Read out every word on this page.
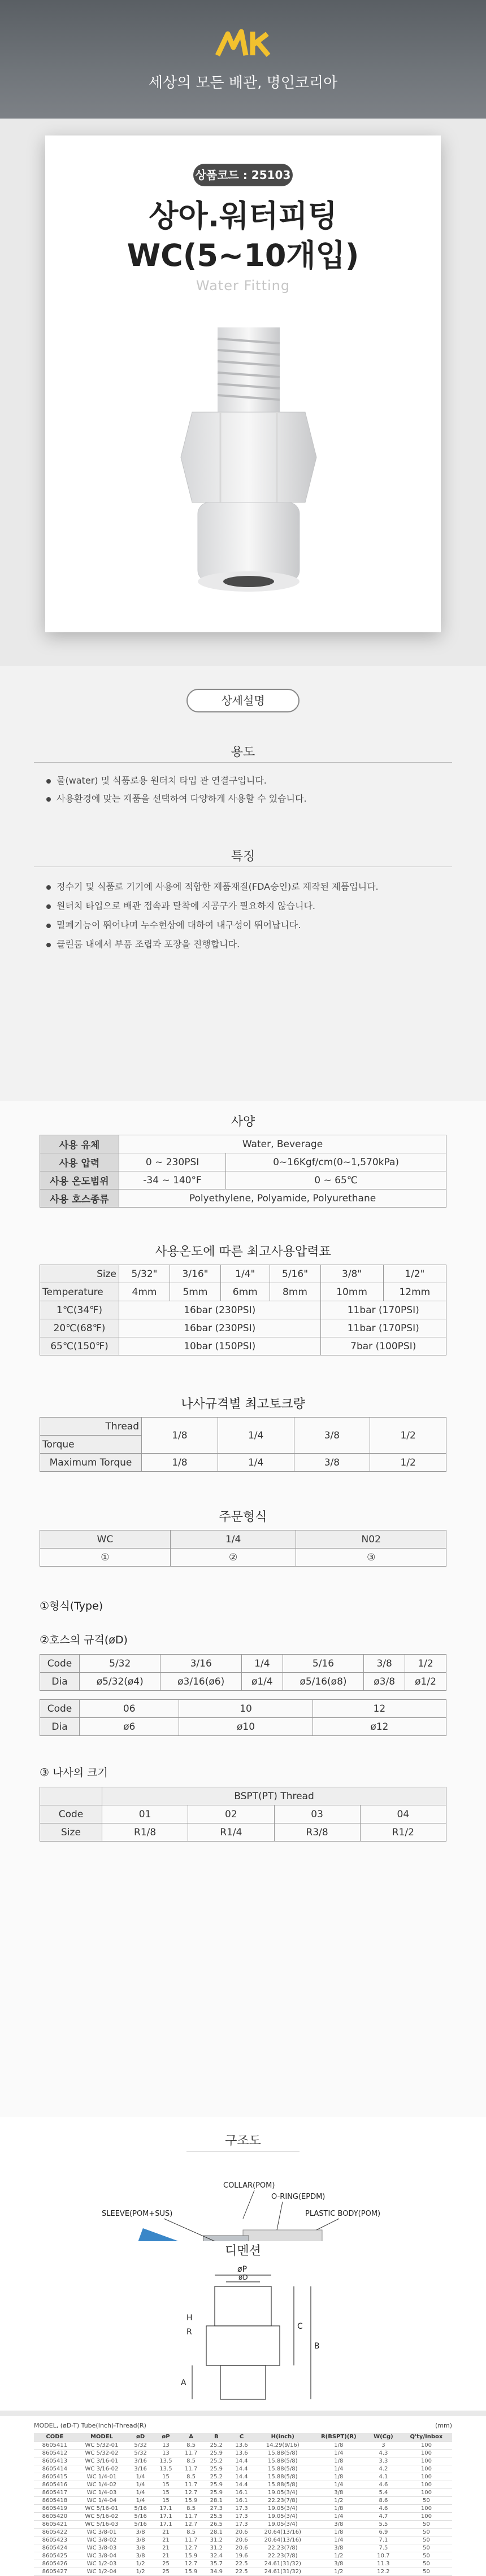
세상의 모든 배관, 명인코리아
상품코드 : 25103
상아.워터피팅
WC(5~10개입)
Water Fitting
상세설명
용도
물(water) 및 식품로용 원터치 타입 관 연결구입니다.
사용환경에 맞는 제품을 선택하여 다양하게 사용할 수 있습니다.
특징
정수기 및 식품로 기기에 사용에 적합한 제품재질(FDA승인)로 제작된 제품입니다.
원터치 타입으로 배관 접속과 탈착에 지공구가 필요하지 않습니다.
밀폐기능이 뛰어나며 누수현상에 대하여 내구성이 뛰어납니다.
클린룸 내에서 부품 조립과 포장을 진행합니다.
사양
사용 유체	Water, Beverage	
사용 압력	0 ~ 230PSI	0~16Kgf/cm(0~1,570kPa)
사용 온도범위	-34 ~ 140°F	0 ~ 65℃
사용 호스종류	Polyethylene, Polyamide, Polyurethane	
사용온도에 따른 최고사용압력표
Size	5/32"	3/16"	1/4"	5/16"	3/8"	1/2"
Temperature	4mm	5mm	6mm	8mm	10mm	12mm
1℃(34℉)	16bar (230PSI)				11bar (170PSI)	
20℃(68℉)	16bar (230PSI)				11bar (170PSI)	
65℃(150℉)	10bar (150PSI)				7bar (100PSI)	
나사규격별 최고토크량
Thread	1/8	1/4	3/8	1/2
Torque				
Maximum Torque	1/8	1/4	3/8	1/2
주문형식
WC	1/4	N02
①	②	③
①형식(Type)
②호스의 규격(øD)
Code	5/32	3/16	1/4	5/16	3/8	1/2
Dia	ø5/32(ø4)	ø3/16(ø6)	ø1/4	ø5/16(ø8)	ø3/8	ø1/2
Code	06	10	12
Dia	ø6	ø10	ø12
③ 나사의 크기
	BSPT(PT) Thread			
Code	01	02	03	04
Size	R1/8	R1/4	R3/8	R1/2
구조도
COLLAR(POM)
O-RING(EPDM)
SLEEVE(POM+SUS)	PLASTIC BODY(POM)
디멘션
øP
øD
H
R
A
C
B
MODEL, (øD-T) Tube(Inch)-Thread(R)	(mm)
CODE	MODEL	øD	øP	A	B	C	H(inch)	R(BSPT)(R)	W(Cg)	Q'ty/Inbox
8605411	WC 5/32-01	5/32	13	8.5	25.2	13.6	14.29(9/16)	1/8	3	100
8605412	WC 5/32-02	5/32	13	11.7	25.9	13.6	15.88(5/8)	1/4	4.3	100
8605413	WC 3/16-01	3/16	13.5	8.5	25.2	14.4	15.88(5/8)	1/8	3.3	100
8605414	WC 3/16-02	3/16	13.5	11.7	25.9	14.4	15.88(5/8)	1/4	4.2	100
8605415	WC 1/4-01	1/4	15	8.5	25.2	14.4	15.88(5/8)	1/8	4.1	100
8605416	WC 1/4-02	1/4	15	11.7	25.9	14.4	15.88(5/8)	1/4	4.6	100
8605417	WC 1/4-03	1/4	15	12.7	25.9	16.1	19.05(3/4)	3/8	5.4	100
8605418	WC 1/4-04	1/4	15	15.9	28.1	16.1	22.23(7/8)	1/2	8.6	50
8605419	WC 5/16-01	5/16	17.1	8.5	27.3	17.3	19.05(3/4)	1/8	4.6	100
8605420	WC 5/16-02	5/16	17.1	11.7	25.5	17.3	19.05(3/4)	1/4	4.7	100
8605421	WC 5/16-03	5/16	17.1	12.7	26.5	17.3	19.05(3/4)	3/8	5.5	50
8605422	WC 3/8-01	3/8	21	8.5	28.1	20.6	20.64(13/16)	1/8	6.9	50
8605423	WC 3/8-02	3/8	21	11.7	31.2	20.6	20.64(13/16)	1/4	7.1	50
8605424	WC 3/8-03	3/8	21	12.7	31.2	20.6	22.23(7/8)	3/8	7.5	50
8605425	WC 3/8-04	3/8	21	15.9	32.4	19.6	22.23(7/8)	1/2	10.7	50
8605426	WC 1/2-03	1/2	25	12.7	35.7	22.5	24.61(31/32)	3/8	11.3	50
8605427	WC 1/2-04	1/2	25	15.9	34.9	22.5	24.61(31/32)	1/2	12.2	50
